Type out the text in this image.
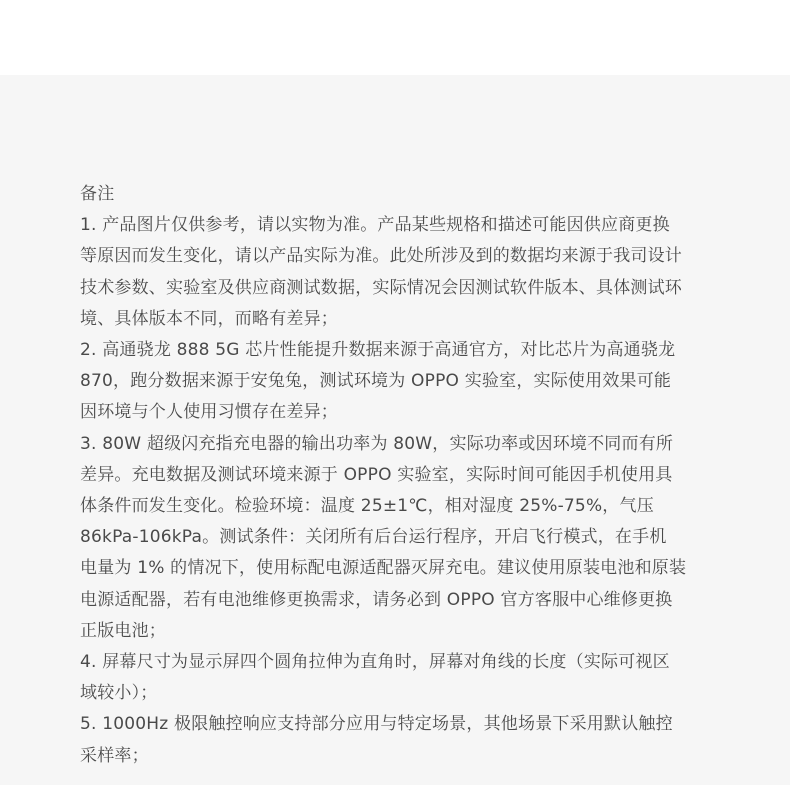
备注
1. 产品图片仅供参考，请以实物为准。产品某些规格和描述可能因供应商更换
等原因而发生变化，请以产品实际为准。此处所涉及到的数据均来源于我司设计
技术参数、实验室及供应商测试数据，实际情况会因测试软件版本、具体测试环
境、具体版本不同，而略有差异；
2. 高通骁龙 888 5G 芯片性能提升数据来源于高通官方，对比芯片为高通骁龙
870，跑分数据来源于安兔兔，测试环境为 OPPO 实验室，实际使用效果可能
因环境与个人使用习惯存在差异；
3. 80W 超级闪充指充电器的输出功率为 80W，实际功率或因环境不同而有所
差异。充电数据及测试环境来源于 OPPO 实验室，实际时间可能因手机使用具
体条件而发生变化。检验环境：温度 25±1℃，相对湿度 25%-75%，气压
86kPa-106kPa。测试条件：关闭所有后台运行程序，开启飞行模式，在手机
电量为 1% 的情况下，使用标配电源适配器灭屏充电。建议使用原装电池和原装
电源适配器，若有电池维修更换需求，请务必到 OPPO 官方客服中心维修更换
正版电池；
4. 屏幕尺寸为显示屏四个圆角拉伸为直角时，屏幕对角线的长度（实际可视区
域较小）；
5. 1000Hz 极限触控响应支持部分应用与特定场景，其他场景下采用默认触控
采样率；
